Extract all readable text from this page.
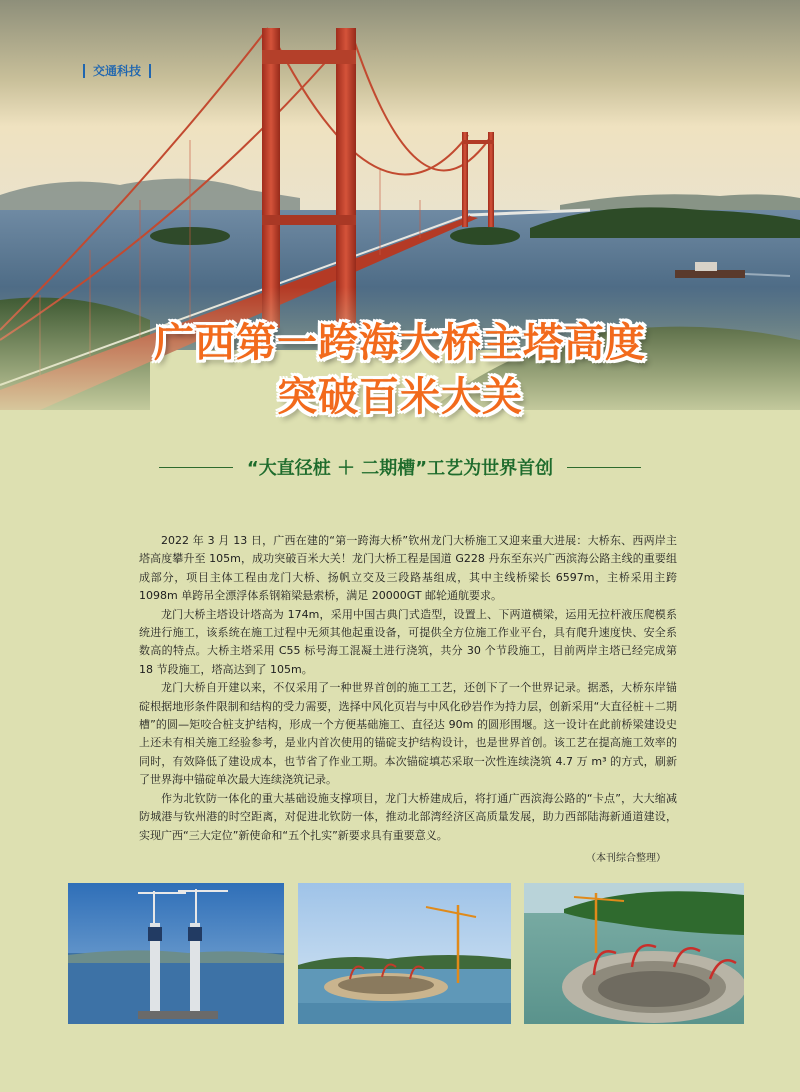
交通科技
广西第一跨海大桥主塔高度
突破百米大关
“大直径桩 ＋ 二期槽”工艺为世界首创

2022 年 3 月 13 日，广西在建的“第一跨海大桥”钦州龙门大桥施工又迎来重大进展：大桥东、西两岸主塔高度攀升至 105m，成功突破百米大关！龙门大桥工程是国道 G228 丹东至东兴广西滨海公路主线的重要组成部分，项目主体工程由龙门大桥、扬帆立交及三段路基组成，其中主线桥梁长 6597m，主桥采用主跨 1098m 单跨吊全漂浮体系钢箱梁悬索桥，满足 20000GT 邮轮通航要求。

龙门大桥主塔设计塔高为 174m，采用中国古典门式造型，设置上、下两道横梁，运用无拉杆液压爬模系统进行施工，该系统在施工过程中无须其他起重设备，可提供全方位施工作业平台，具有爬升速度快、安全系数高的特点。大桥主塔采用 C55 标号海工混凝土进行浇筑，共分 30 个节段施工，目前两岸主塔已经完成第 18 节段施工，塔高达到了 105m。

龙门大桥自开建以来，不仅采用了一种世界首创的施工工艺，还创下了一个世界记录。据悉，大桥东岸锚碇根据地形条件限制和结构的受力需要，选择中风化页岩与中风化砂岩作为持力层，创新采用“大直径桩＋二期槽”的圆—矩咬合桩支护结构，形成一个方便基础施工、直径达 90m 的圆形围堰。这一设计在此前桥梁建设史上还未有相关施工经验参考，是业内首次使用的锚碇支护结构设计，也是世界首创。该工艺在提高施工效率的同时，有效降低了建设成本，也节省了作业工期。本次锚碇填芯采取一次性连续浇筑 4.7 万 m³ 的方式，刷新了世界海中锚碇单次最大连续浇筑记录。

作为北钦防一体化的重大基础设施支撑项目，龙门大桥建成后，将打通广西滨海公路的“卡点”，大大缩减防城港与钦州港的时空距离，对促进北钦防一体，推动北部湾经济区高质量发展，助力西部陆海新通道建设，实现广西“三大定位”新使命和“五个扎实”新要求具有重要意义。

（本刊综合整理）
